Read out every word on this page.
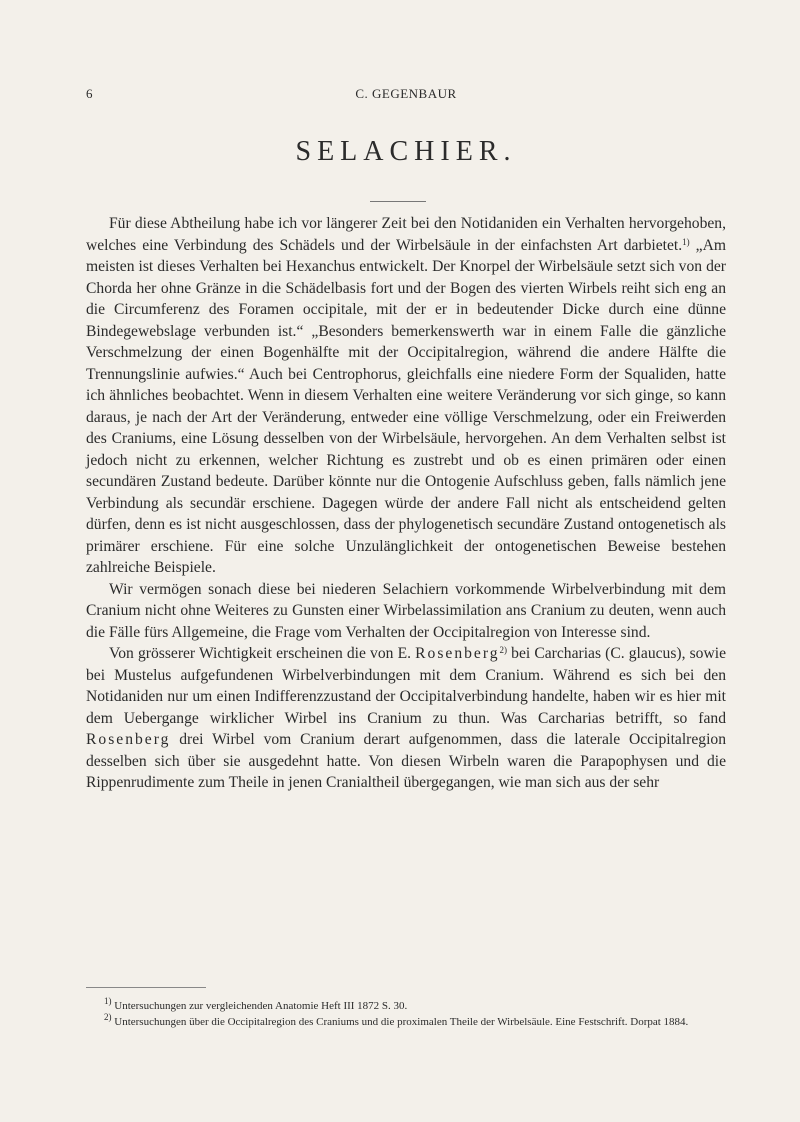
6	C. GEGENBAUR
SELACHIER.

Für diese Abtheilung habe ich vor längerer Zeit bei den Notidaniden ein Verhalten hervorgehoben, welches eine Verbindung des Schädels und der Wirbelsäule in der einfachsten Art darbietet.$^{1)}$ „Am meisten ist dieses Verhalten bei Hexanchus entwickelt. Der Knorpel der Wirbelsäule setzt sich von der Chorda her ohne Gränze in die Schädelbasis fort und der Bogen des vierten Wirbels reiht sich eng an die Circumferenz des Foramen occipitale, mit der er in bedeutender Dicke durch eine dünne Bindegewebslage verbunden ist.“ „Besonders bemerkenswerth war in einem Falle die gänzliche Verschmelzung der einen Bogenhälfte mit der Occipitalregion, während die andere Hälfte die Trennungslinie aufwies.“ Auch bei Centrophorus, gleichfalls eine niedere Form der Squaliden, hatte ich ähnliches beobachtet. Wenn in diesem Verhalten eine weitere Veränderung vor sich ginge, so kann daraus, je nach der Art der Veränderung, entweder eine völlige Verschmelzung, oder ein Freiwerden des Craniums, eine Lösung desselben von der Wirbelsäule, hervorgehen. An dem Verhalten selbst ist jedoch nicht zu erkennen, welcher Richtung es zustrebt und ob es einen primären oder einen secundären Zustand bedeute. Darüber könnte nur die Ontogenie Aufschluss geben, falls nämlich jene Verbindung als secundär erschiene. Dagegen würde der andere Fall nicht als entscheidend gelten dürfen, denn es ist nicht ausgeschlossen, dass der phylogenetisch secundäre Zustand ontogenetisch als primärer erschiene. Für eine solche Unzulänglichkeit der ontogenetischen Beweise bestehen zahlreiche Beispiele.

Wir vermögen sonach diese bei niederen Selachiern vorkommende Wirbelverbindung mit dem Cranium nicht ohne Weiteres zu Gunsten einer Wirbelassimilation ans Cranium zu deuten, wenn auch die Fälle fürs Allgemeine, die Frage vom Verhalten der Occipitalregion von Interesse sind.

Von grösserer Wichtigkeit erscheinen die von E. Rosenberg$^{2)}$ bei Carcharias (C. glaucus), sowie bei Mustelus aufgefundenen Wirbelverbindungen mit dem Cranium. Während es sich bei den Notidaniden nur um einen Indifferenzzustand der Occipitalverbindung handelte, haben wir es hier mit dem Uebergange wirklicher Wirbel ins Cranium zu thun. Was Carcharias betrifft, so fand Rosenberg drei Wirbel vom Cranium derart aufgenommen, dass die laterale Occipitalregion desselben sich über sie ausgedehnt hatte. Von diesen Wirbeln waren die Parapophysen und die Rippenrudimente zum Theile in jenen Cranialtheil übergegangen, wie man sich aus der sehr

$^{1)}$ Untersuchungen zur vergleichenden Anatomie Heft III 1872 S. 30.

$^{2)}$ Untersuchungen über die Occipitalregion des Craniums und die proximalen Theile der Wirbelsäule. Eine Festschrift. Dorpat 1884.
